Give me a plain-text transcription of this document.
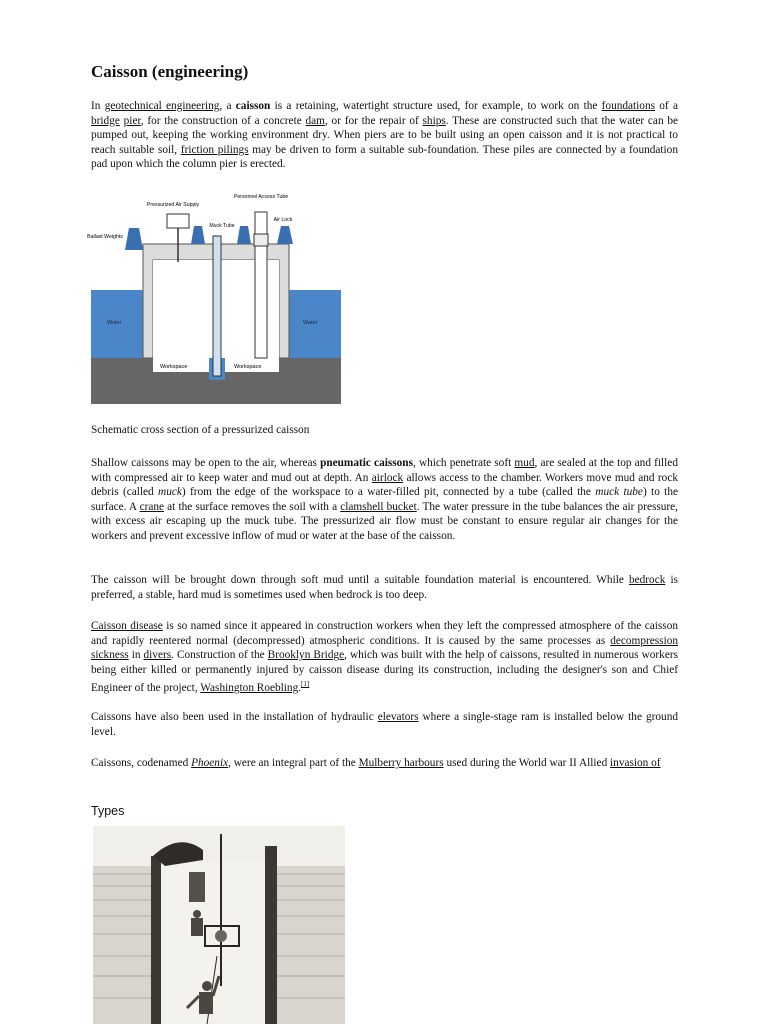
Caisson (engineering)

In geotechnical engineering, a caisson is a retaining, watertight structure used, for example, to work on the foundations of a bridge pier, for the construction of a concrete dam, or for the repair of ships. These are constructed such that the water can be pumped out, keeping the working environment dry. When piers are to be built using an open caisson and it is not practical to reach suitable soil, friction pilings may be driven to form a suitable sub-foundation. These piles are connected by a foundation pad upon which the column pier is erected.

Personnel Access Tube
Pressurized Air Supply
Air Lock
Muck Tube
Ballast Weights
Water	Water
Workspace	Workspace

Schematic cross section of a pressurized caisson

Shallow caissons may be open to the air, whereas pneumatic caissons, which penetrate soft mud, are sealed at the top and filled with compressed air to keep water and mud out at depth. An airlock allows access to the chamber. Workers move mud and rock debris (called muck) from the edge of the workspace to a water-filled pit, connected by a tube (called the muck tube) to the surface. A crane at the surface removes the soil with a clamshell bucket. The water pressure in the tube balances the air pressure, with excess air escaping up the muck tube. The pressurized air flow must be constant to ensure regular air changes for the workers and prevent excessive inflow of mud or water at the base of the caisson.

The caisson will be brought down through soft mud until a suitable foundation material is encountered. While bedrock is preferred, a stable, hard mud is sometimes used when bedrock is too deep.

Caisson disease is so named since it appeared in construction workers when they left the compressed atmosphere of the caisson and rapidly reentered normal (decompressed) atmospheric conditions. It is caused by the same processes as decompression sickness in divers. Construction of the Brooklyn Bridge, which was built with the help of caissons, resulted in numerous workers being either killed or permanently injured by caisson disease during its construction, including the designer's son and Chief Engineer of the project, Washington Roebling.[1]

Caissons have also been used in the installation of hydraulic elevators where a single-stage ram is installed below the ground level.

Caissons, codenamed Phoenix, were an integral part of the Mulberry harbours used during the World war II Allied invasion of

Types
